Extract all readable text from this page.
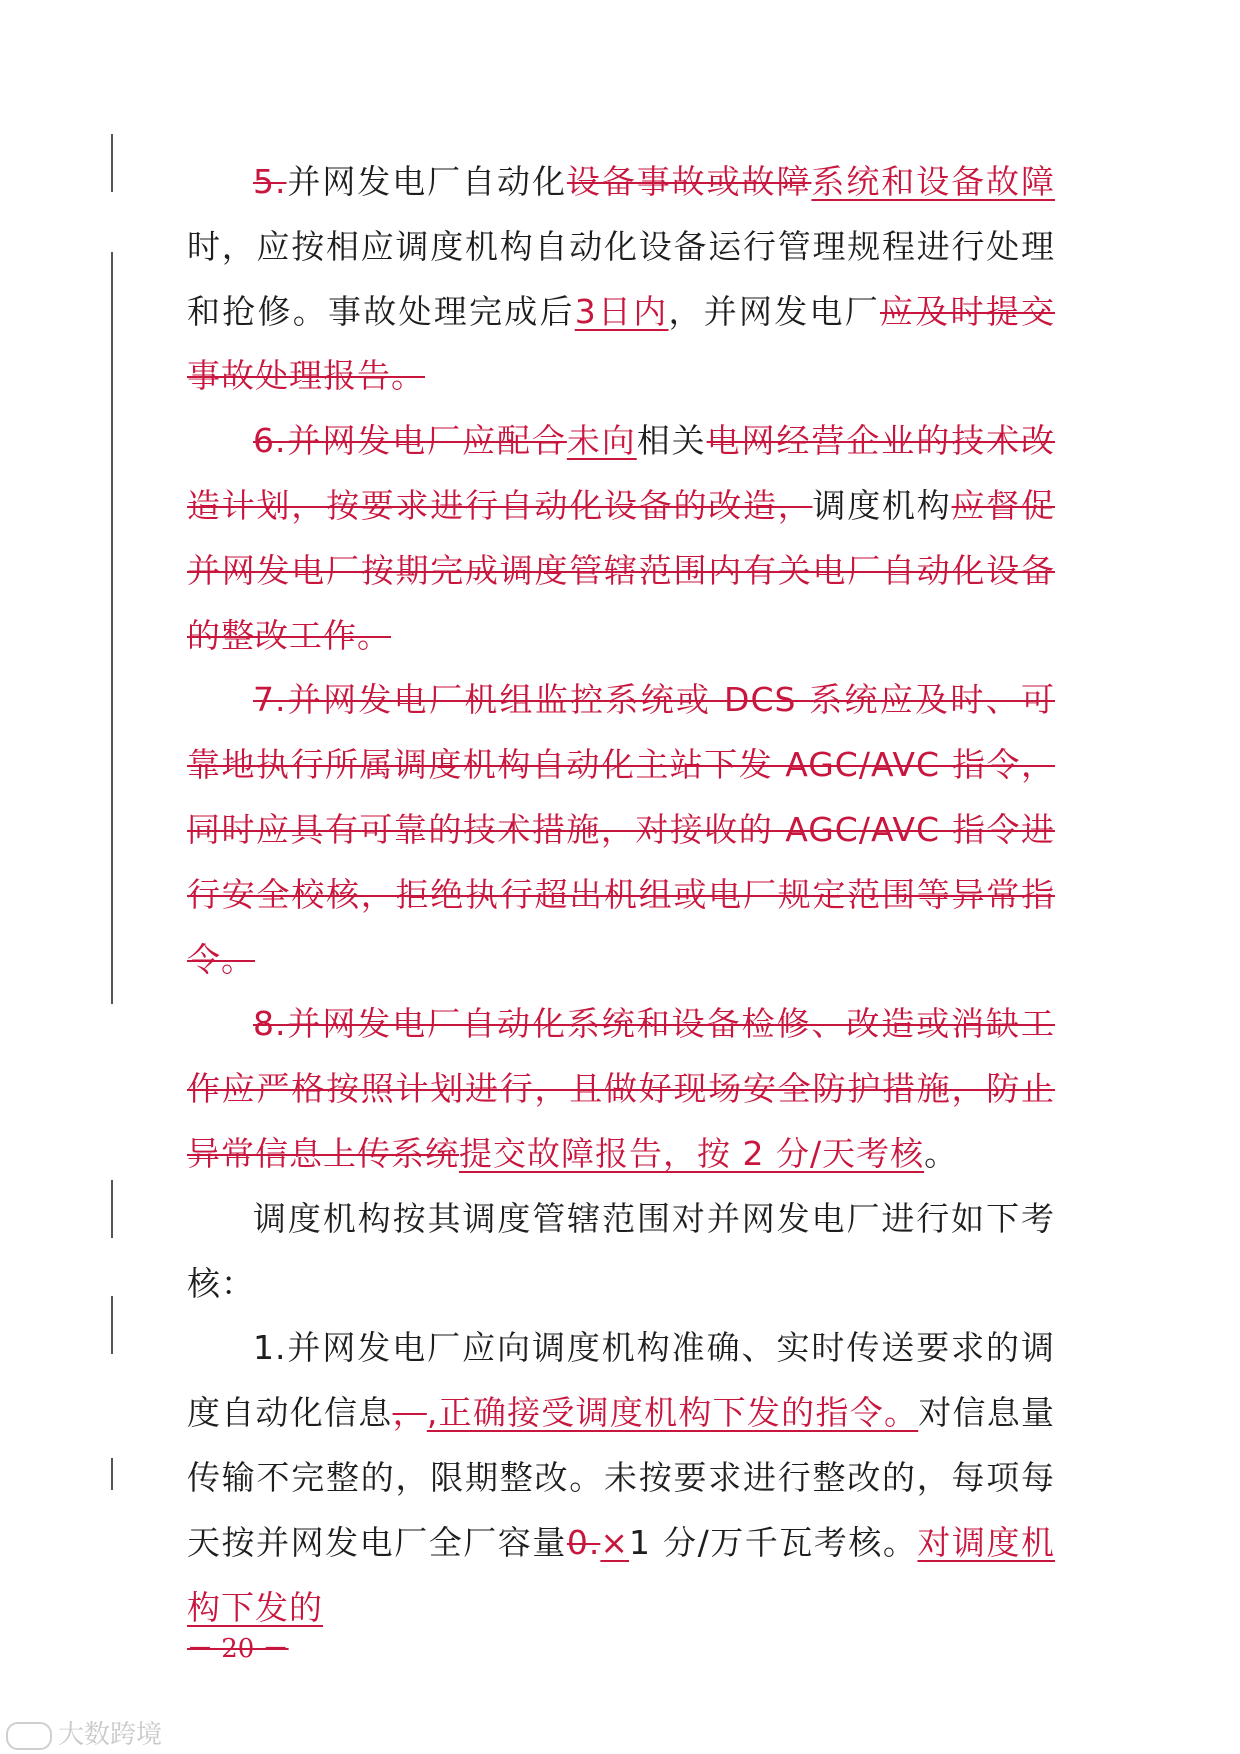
5.并网发电厂自动化设备事故或故障系统和设备故障时，应按相应调度机构自动化设备运行管理规程进行处理和抢修。事故处理完成后3日内，并网发电厂应及时提交事故处理报告。

6.并网发电厂应配合未向相关电网经营企业的技术改造计划，按要求进行自动化设备的改造，调度机构应督促并网发电厂按期完成调度管辖范围内有关电厂自动化设备的整改工作。

7.并网发电厂机组监控系统或 DCS 系统应及时、可靠地执行所属调度机构自动化主站下发 AGC/AVC 指令，同时应具有可靠的技术措施，对接收的 AGC/AVC 指令进行安全校核，拒绝执行超出机组或电厂规定范围等异常指令。

8.并网发电厂自动化系统和设备检修、改造或消缺工作应严格按照计划进行，且做好现场安全防护措施，防止异常信息上传系统提交故障报告，按 2 分/天考核。

调度机构按其调度管辖范围对并网发电厂进行如下考核：

1.并网发电厂应向调度机构准确、实时传送要求的调度自动化信息，,正确接受调度机构下发的指令。对信息量传输不完整的，限期整改。未按要求进行整改的，每项每天按并网发电厂全厂容量0.×1 分/万千瓦考核。对调度机构下发的

－ 20 －
大数跨境
